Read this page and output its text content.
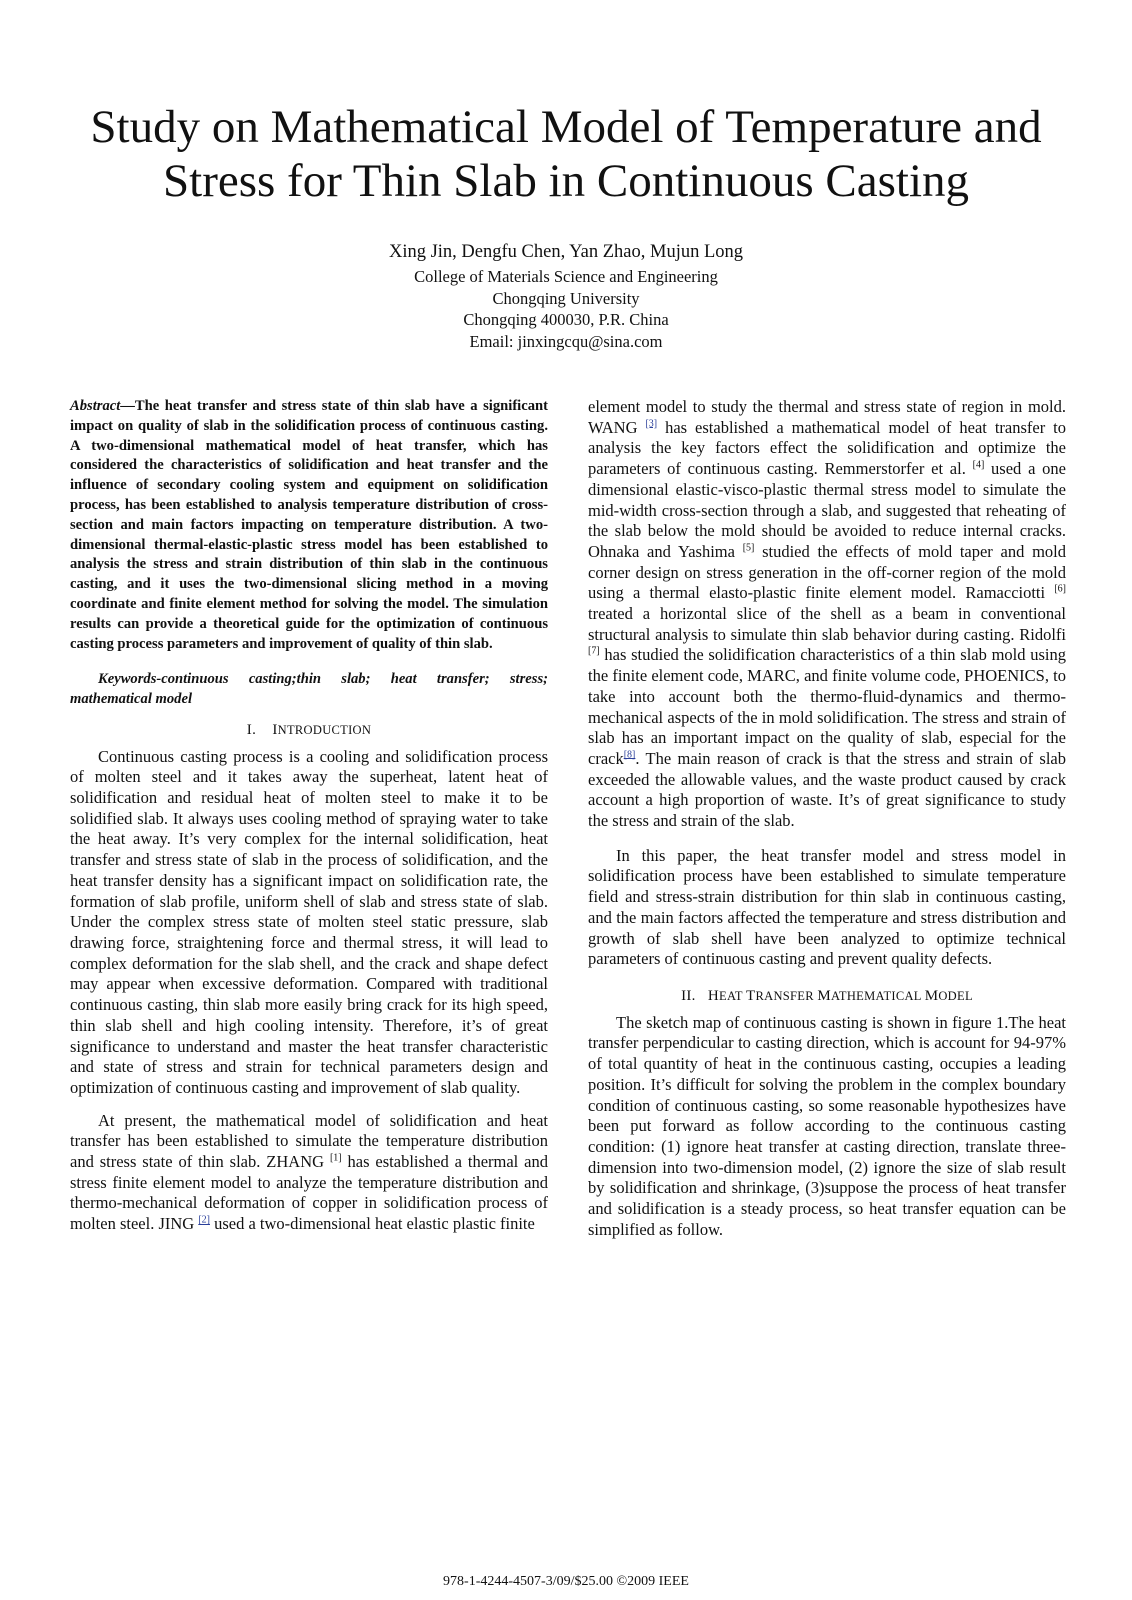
Study on Mathematical Model of Temperature and
Stress for Thin Slab in Continuous Casting
Xing Jin, Dengfu Chen, Yan Zhao, Mujun Long
College of Materials Science and Engineering
Chongqing University
Chongqing 400030, P.R. China
Email: jinxingcqu@sina.com

Abstract—The heat transfer and stress state of thin slab have a significant impact on quality of slab in the solidification process of continuous casting. A two-dimensional mathematical model of heat transfer, which has considered the characteristics of solidification and heat transfer and the influence of secondary cooling system and equipment on solidification process, has been established to analysis temperature distribution of cross-section and main factors impacting on temperature distribution. A two-dimensional thermal-elastic-plastic stress model has been established to analysis the stress and strain distribution of thin slab in the continuous casting, and it uses the two-dimensional slicing method in a moving coordinate and finite element method for solving the model. The simulation results can provide a theoretical guide for the optimization of continuous casting process parameters and improvement of quality of thin slab.

Keywords-continuous casting;thin slab; heat transfer; stress; mathematical model

I. INTRODUCTION

Continuous casting process is a cooling and solidification process of molten steel and it takes away the superheat, latent heat of solidification and residual heat of molten steel to make it to be solidified slab. It always uses cooling method of spraying water to take the heat away. It’s very complex for the internal solidification, heat transfer and stress state of slab in the process of solidification, and the heat transfer density has a significant impact on solidification rate, the formation of slab profile, uniform shell of slab and stress state of slab. Under the complex stress state of molten steel static pressure, slab drawing force, straightening force and thermal stress, it will lead to complex deformation for the slab shell, and the crack and shape defect may appear when excessive deformation. Compared with traditional continuous casting, thin slab more easily bring crack for its high speed, thin slab shell and high cooling intensity. Therefore, it’s of great significance to understand and master the heat transfer characteristic and state of stress and strain for technical parameters design and optimization of continuous casting and improvement of slab quality.

At present, the mathematical model of solidification and heat transfer has been established to simulate the temperature distribution and stress state of thin slab. ZHANG [1] has established a thermal and stress finite element model to analyze the temperature distribution and thermo-mechanical deformation of copper in solidification process of molten steel. JING [2] used a two-dimensional heat elastic plastic finite

element model to study the thermal and stress state of region in mold. WANG [3] has established a mathematical model of heat transfer to analysis the key factors effect the solidification and optimize the parameters of continuous casting. Remmerstorfer et al. [4] used a one dimensional elastic-visco-plastic thermal stress model to simulate the mid-width cross-section through a slab, and suggested that reheating of the slab below the mold should be avoided to reduce internal cracks. Ohnaka and Yashima [5] studied the effects of mold taper and mold corner design on stress generation in the off-corner region of the mold using a thermal elasto-plastic finite element model. Ramacciotti [6] treated a horizontal slice of the shell as a beam in conventional structural analysis to simulate thin slab behavior during casting. Ridolfi [7] has studied the solidification characteristics of a thin slab mold using the finite element code, MARC, and finite volume code, PHOENICS, to take into account both the thermo-fluid-dynamics and thermo-mechanical aspects of the in mold solidification. The stress and strain of slab has an important impact on the quality of slab, especial for the crack[8]. The main reason of crack is that the stress and strain of slab exceeded the allowable values, and the waste product caused by crack account a high proportion of waste. It’s of great significance to study the stress and strain of the slab.

In this paper, the heat transfer model and stress model in solidification process have been established to simulate temperature field and stress-strain distribution for thin slab in continuous casting, and the main factors affected the temperature and stress distribution and growth of slab shell have been analyzed to optimize technical parameters of continuous casting and prevent quality defects.

II. HEAT TRANSFER MATHEMATICAL MODEL

The sketch map of continuous casting is shown in figure 1.The heat transfer perpendicular to casting direction, which is account for 94-97% of total quantity of heat in the continuous casting, occupies a leading position. It’s difficult for solving the problem in the complex boundary condition of continuous casting, so some reasonable hypothesizes have been put forward as follow according to the continuous casting condition: (1) ignore heat transfer at casting direction, translate three-dimension into two-dimension model, (2) ignore the size of slab result by solidification and shrinkage, (3)suppose the process of heat transfer and solidification is a steady process, so heat transfer equation can be simplified as follow.

978-1-4244-4507-3/09/$25.00 ©2009 IEEE
